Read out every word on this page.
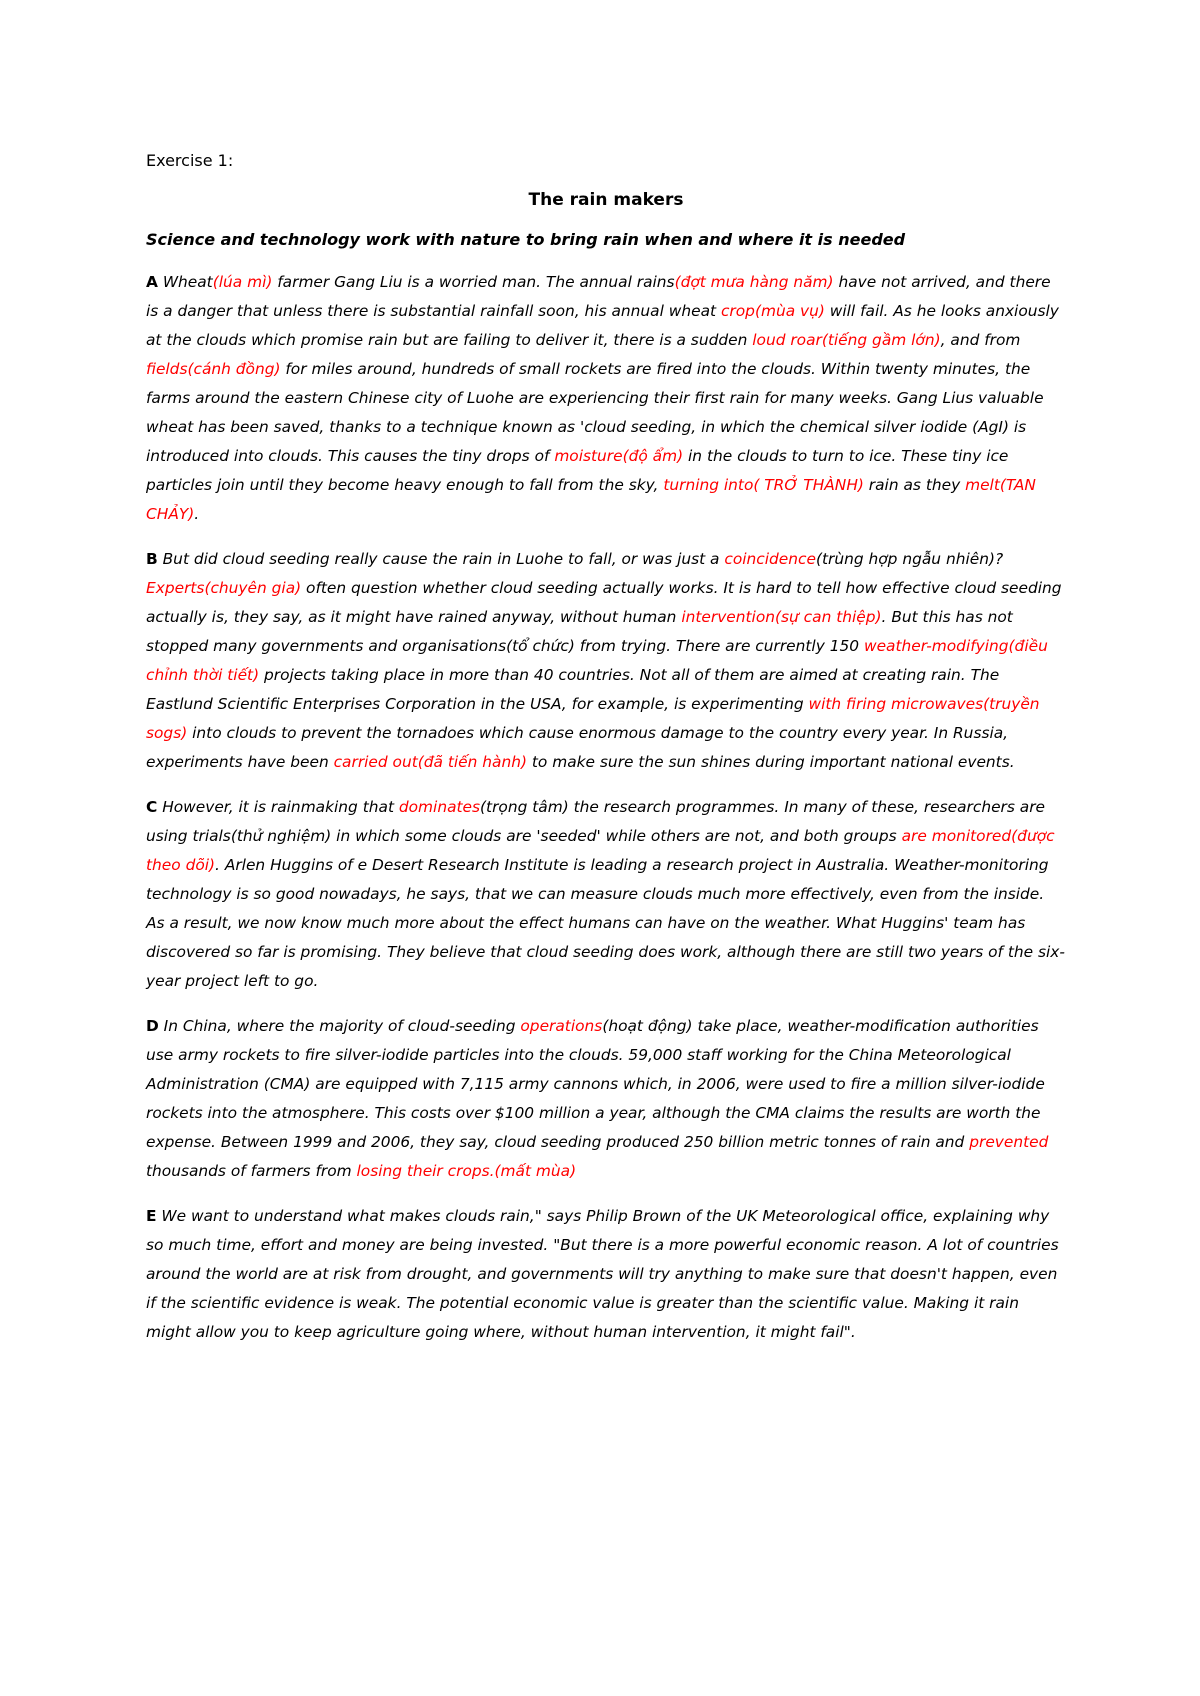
Exercise 1:
The rain makers
Science and technology work with nature to bring rain when and where it is needed

A Wheat(lúa mì) farmer Gang Liu is a worried man. The annual rains(đợt mưa hàng năm) have not arrived, and there is a danger that unless there is substantial rainfall soon, his annual wheat crop(mùa vụ) will fail. As he looks anxiously at the clouds which promise rain but are failing to deliver it, there is a sudden loud roar(tiếng gầm lớn), and from fields(cánh đồng) for miles around, hundreds of small rockets are fired into the clouds. Within twenty minutes, the farms around the eastern Chinese city of Luohe are experiencing their first rain for many weeks. Gang Lius valuable wheat has been saved, thanks to a technique known as 'cloud seeding, in which the chemical silver iodide (AgI) is introduced into clouds. This causes the tiny drops of moisture(độ ẩm) in the clouds to turn to ice. These tiny ice particles join until they become heavy enough to fall from the sky, turning into( TRỞ THÀNH) rain as they melt(TAN CHẢY).

B But did cloud seeding really cause the rain in Luohe to fall, or was just a coincidence(trùng hợp ngẫu nhiên)? Experts(chuyên gia) often question whether cloud seeding actually works. It is hard to tell how effective cloud seeding actually is, they say, as it might have rained anyway, without human intervention(sự can thiệp). But this has not stopped many governments and organisations(tổ chức) from trying. There are currently 150 weather-modifying(điều chỉnh thời tiết) projects taking place in more than 40 countries. Not all of them are aimed at creating rain. The Eastlund Scientific Enterprises Corporation in the USA, for example, is experimenting with firing microwaves(truyền sogs) into clouds to prevent the tornadoes which cause enormous damage to the country every year. In Russia, experiments have been carried out(đã tiến hành) to make sure the sun shines during important national events.

C However, it is rainmaking that dominates(trọng tâm) the research programmes. In many of these, researchers are using trials(thử nghiệm) in which some clouds are 'seeded' while others are not, and both groups are monitored(được theo dõi). Arlen Huggins of e Desert Research Institute is leading a research project in Australia. Weather-monitoring technology is so good nowadays, he says, that we can measure clouds much more effectively, even from the inside. As a result, we now know much more about the effect humans can have on the weather. What Huggins' team has discovered so far is promising. They believe that cloud seeding does work, although there are still two years of the six-year project left to go.

D In China, where the majority of cloud-seeding operations(hoạt động) take place, weather-modification authorities use army rockets to fire silver-iodide particles into the clouds. 59,000 staff working for the China Meteorological Administration (CMA) are equipped with 7,115 army cannons which, in 2006, were used to fire a million silver-iodide rockets into the atmosphere. This costs over $100 million a year, although the CMA claims the results are worth the expense. Between 1999 and 2006, they say, cloud seeding produced 250 billion metric tonnes of rain and prevented thousands of farmers from losing their crops.(mất mùa)

E We want to understand what makes clouds rain," says Philip Brown of the UK Meteorological office, explaining why so much time, effort and money are being invested. "But there is a more powerful economic reason. A lot of countries around the world are at risk from drought, and governments will try anything to make sure that doesn't happen, even if the scientific evidence is weak. The potential economic value is greater than the scientific value. Making it rain might allow you to keep agriculture going where, without human intervention, it might fail".
